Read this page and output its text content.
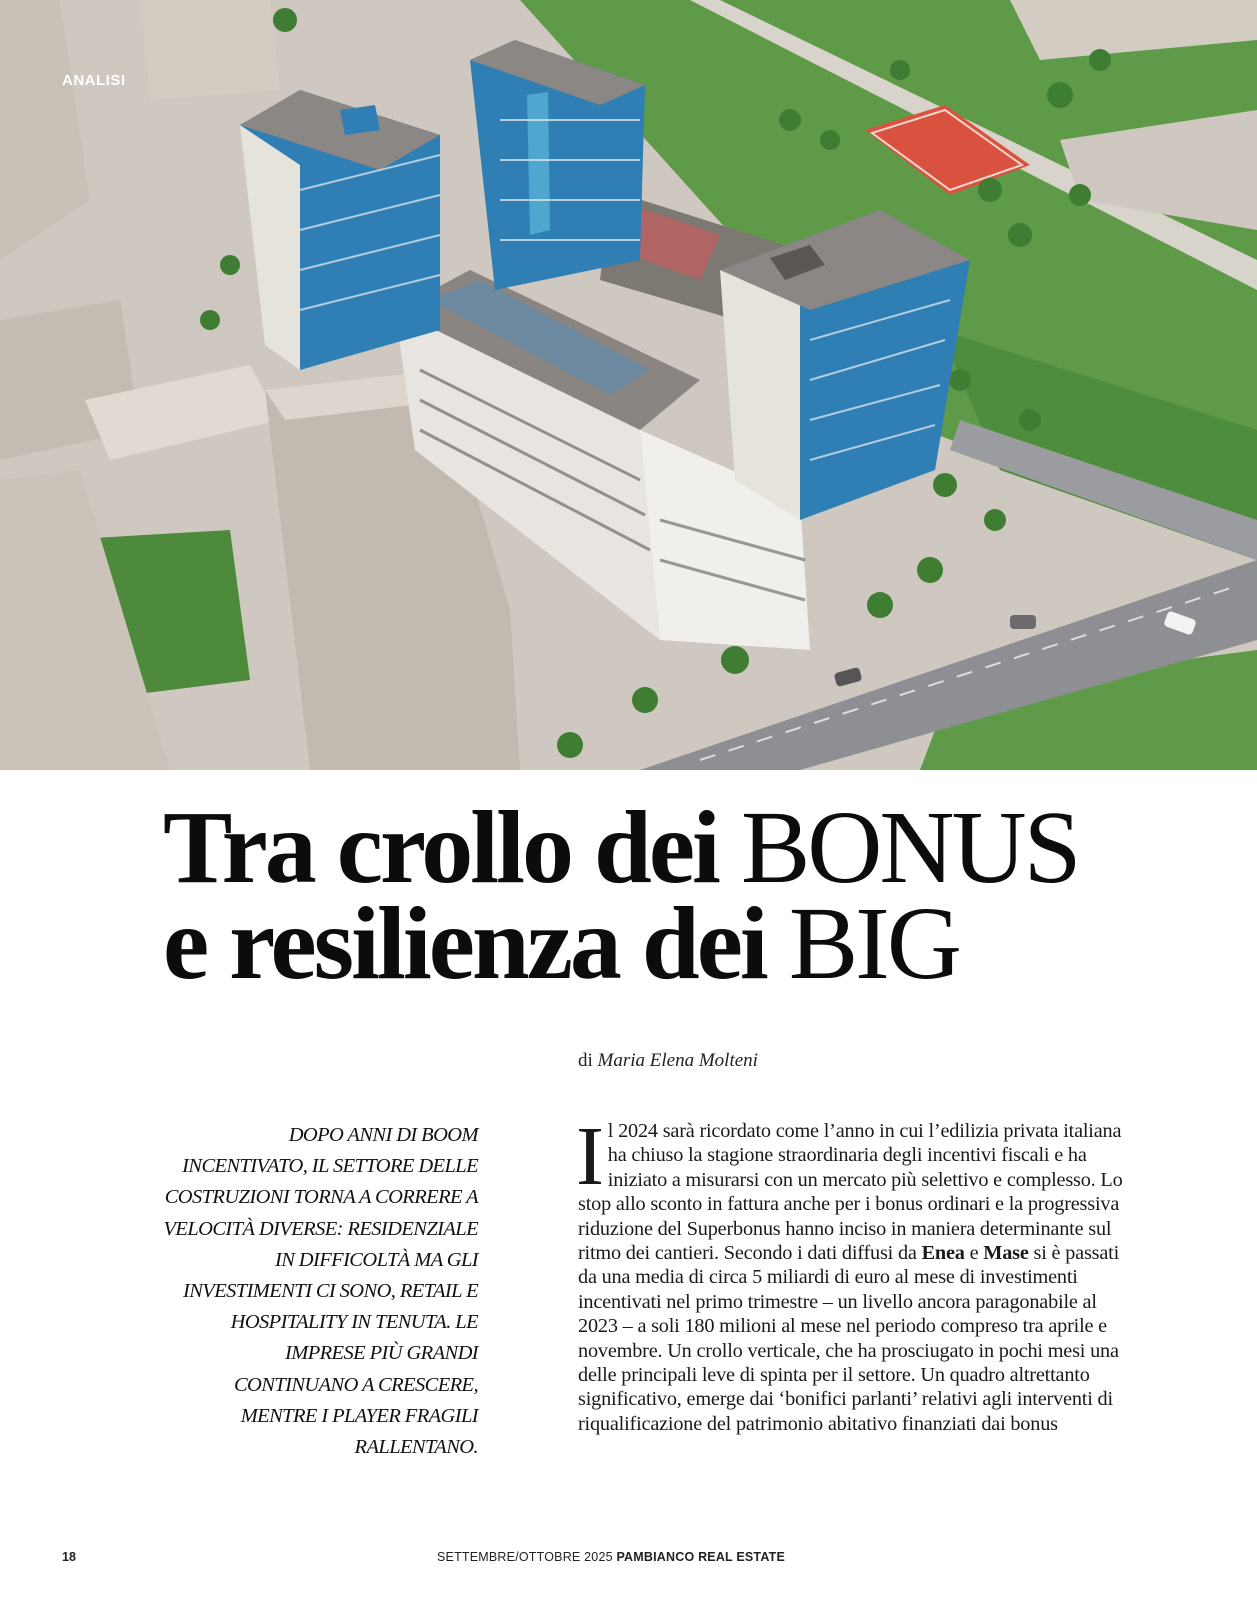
ANALISI
Tra crollo dei BONUS
e resilienza dei BIG
di Maria Elena Molteni
DOPO ANNI DI BOOM INCENTIVATO, IL SETTORE DELLE COSTRUZIONI TORNA A CORRERE A VELOCITÀ DIVERSE: RESIDENZIALE IN DIFFICOLTÀ MA GLI INVESTIMENTI CI SONO, RETAIL E HOSPITALITY IN TENUTA. LE IMPRESE PIÙ GRANDI CONTINUANO A CRESCERE, MENTRE I PLAYER FRAGILI RALLENTANO.

Il 2024 sarà ricordato come l’anno in cui l’edilizia privata italiana ha chiuso la stagione straordinaria degli incentivi fiscali e ha iniziato a misurarsi con un mercato più selettivo e complesso. Lo stop allo sconto in fattura anche per i bonus ordinari e la progressiva riduzione del Superbonus hanno inciso in maniera determinante sul ritmo dei cantieri. Secondo i dati diffusi da Enea e Mase si è passati da una media di circa 5 miliardi di euro al mese di investimenti incentivati nel primo trimestre – un livello ancora paragonabile al 2023 – a soli 180 milioni al mese nel periodo compreso tra aprile e novembre. Un crollo verticale, che ha prosciugato in pochi mesi una delle principali leve di spinta per il settore. Un quadro altrettanto significativo, emerge dai ‘bonifici parlanti’ relativi agli interventi di riqualificazione del patrimonio abitativo finanziati dai bonus

18	SETTEMBRE/OTTOBRE 2025 PAMBIANCO REAL ESTATE
